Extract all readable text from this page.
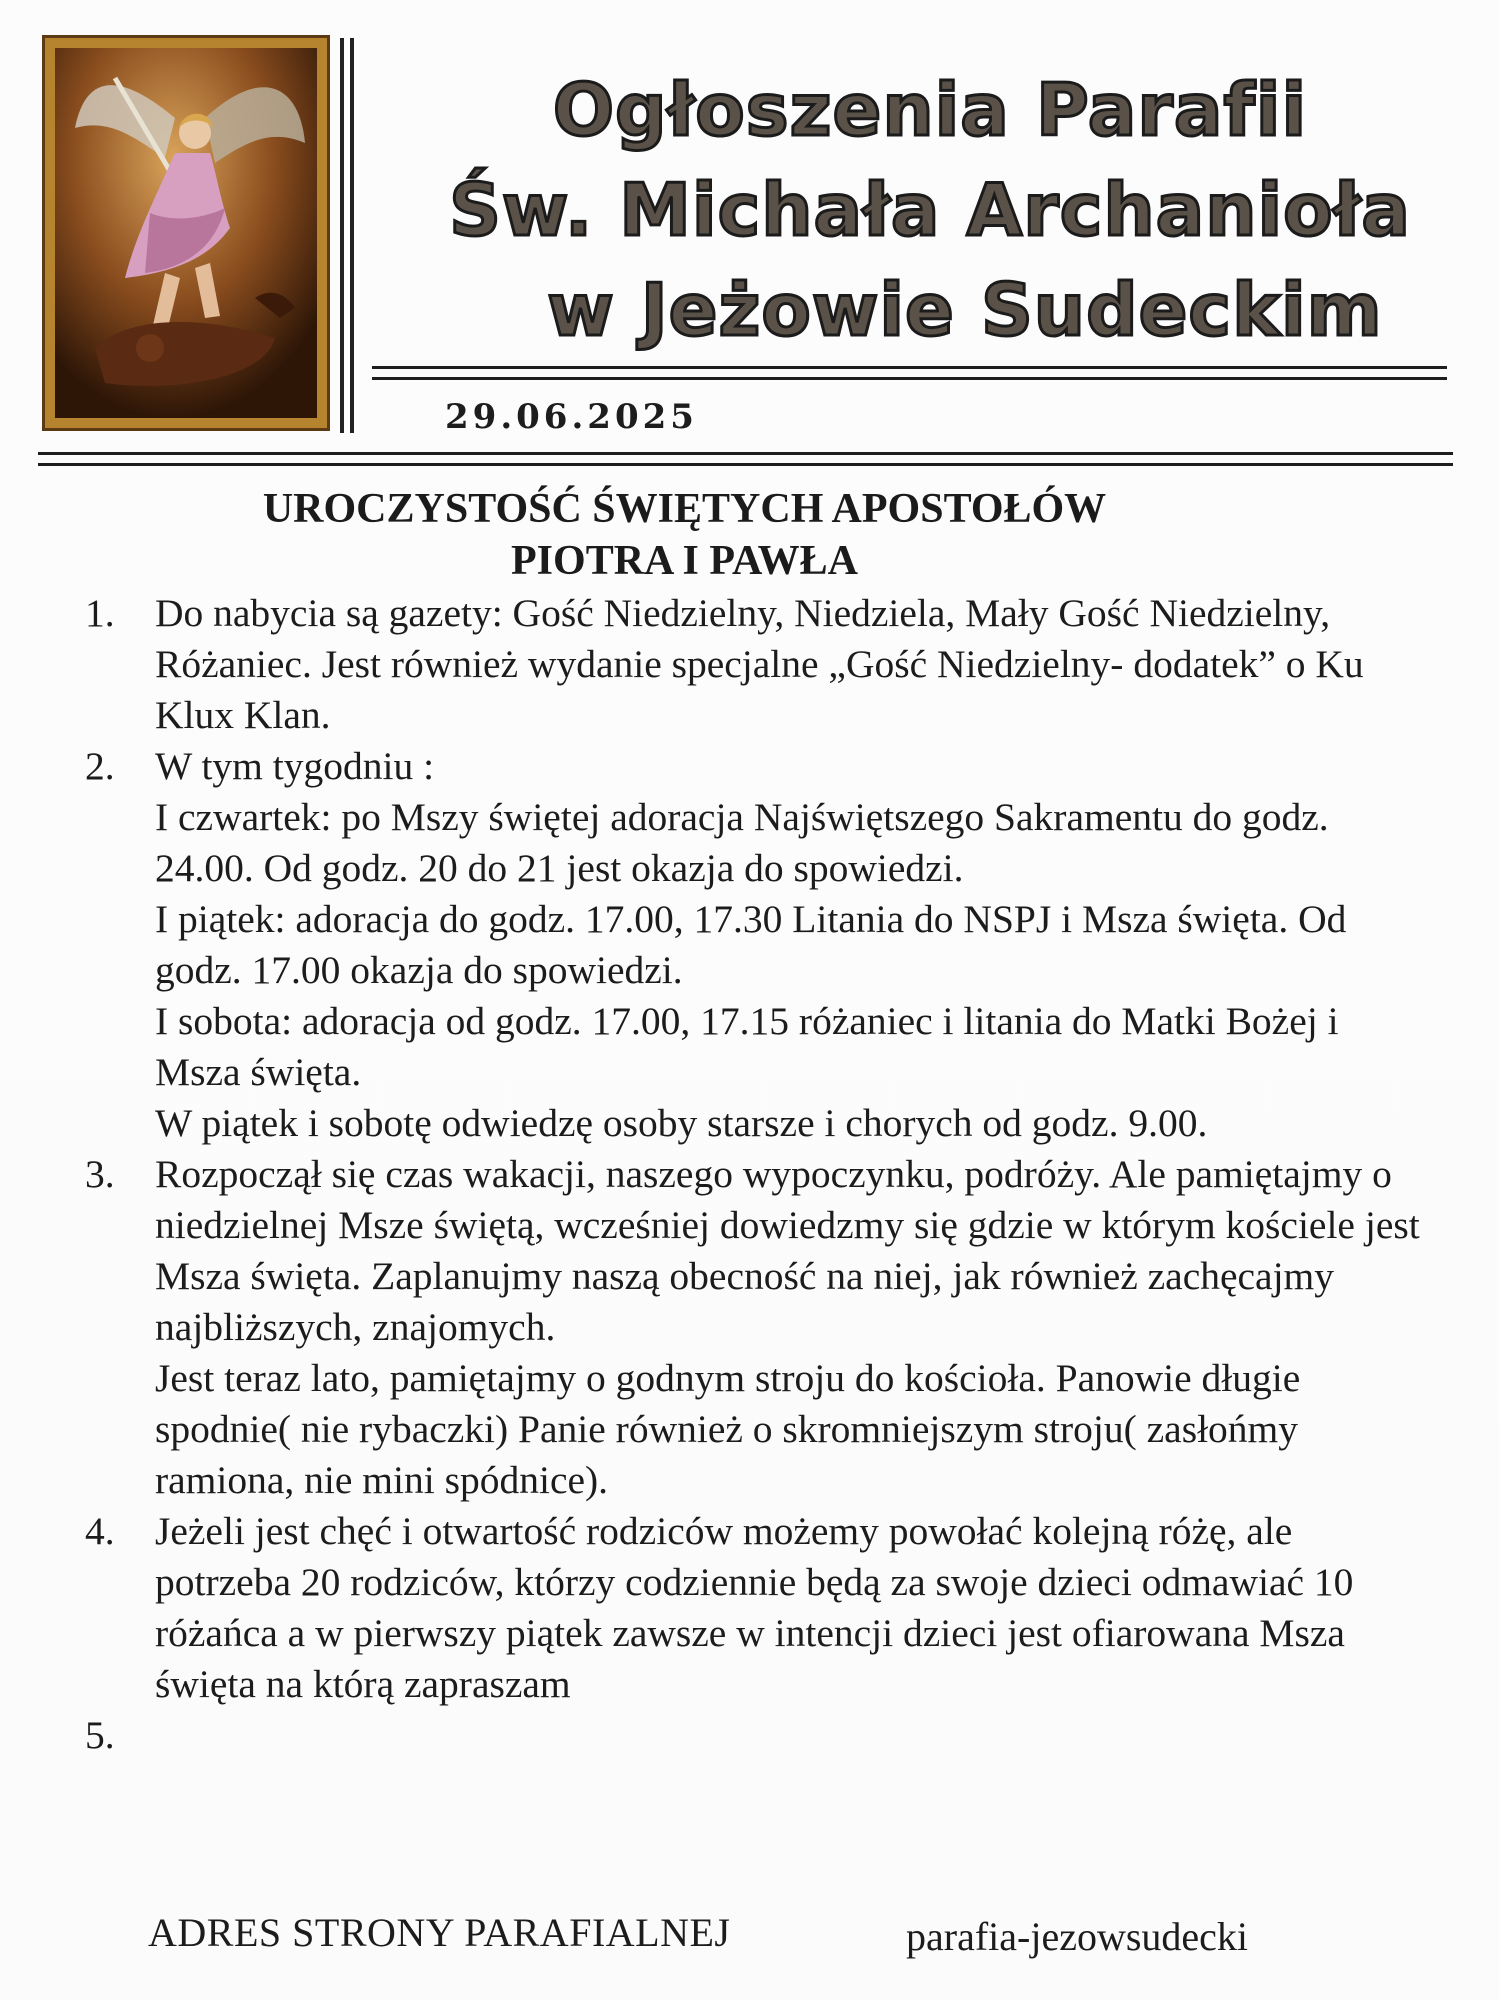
Ogłoszenia Parafii
Św. Michała Archanioła
w Jeżowie Sudeckim
29.06.2025
UROCZYSTOŚĆ ŚWIĘTYCH APOSTOŁÓW
PIOTRA I PAWŁA
1. Do nabycia są gazety: Gość Niedzielny, Niedziela, Mały Gość Niedzielny, Różaniec. Jest również wydanie specjalne „Gość Niedzielny- dodatek” o Ku Klux Klan.

2. W tym tygodniu :

I czwartek: po Mszy świętej adoracja Najświętszego Sakramentu do godz. 24.00. Od godz. 20 do 21 jest okazja do spowiedzi.

I piątek: adoracja do godz. 17.00, 17.30 Litania do NSPJ i Msza święta. Od godz. 17.00 okazja do spowiedzi.

I sobota: adoracja od godz. 17.00, 17.15 różaniec i litania do Matki Bożej i Msza święta.

W piątek i sobotę odwiedzę osoby starsze i chorych od godz. 9.00.

3. Rozpoczął się czas wakacji, naszego wypoczynku, podróży. Ale pamiętajmy o niedzielnej Msze świętą, wcześniej dowiedzmy się gdzie w którym kościele jest Msza święta. Zaplanujmy naszą obecność na niej, jak również zachęcajmy najbliższych, znajomych.

Jest teraz lato, pamiętajmy o godnym stroju do kościoła. Panowie długie spodnie( nie rybaczki) Panie również o skromniejszym stroju( zasłońmy ramiona, nie mini spódnice).

4. Jeżeli jest chęć i otwartość rodziców możemy powołać kolejną różę, ale potrzeba 20 rodziców, którzy codziennie będą za swoje dzieci odmawiać 10 różańca a w pierwszy piątek zawsze w intencji dzieci jest ofiarowana Msza święta na którą zapraszam

5.

ADRES STRONY PARAFIALNEJ	parafia-jezowsudecki
